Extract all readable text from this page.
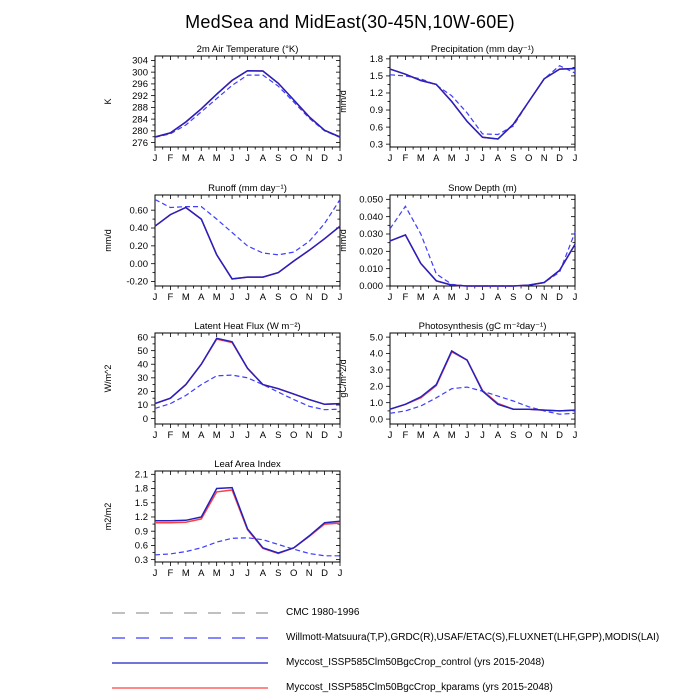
MedSea and MidEast(30-45N,10W-60E)
J F M A M J J A S O N D J
276
280
284
288
292
296
300
304
2m Air Temperature (°K)
K
J F M A M J J A S O N D J
0.3
0.6
0.9
1.2
1.5
1.8
Precipitation (mm day⁻¹)
mm/d
J F M A M J J A S O N D J
-0.20
0.00
0.20
0.40
0.60
Runoff (mm day⁻¹)
mm/d
J F M A M J J A S O N D J
0.000
0.010
0.020
0.030
0.040
0.050
Snow Depth (m)
mm/d
J F M A M J J A S O N D J
0
10
20
30
40
50
60
Latent Heat Flux (W m⁻²)
W/m^2
J F M A M J J A S O N D J
0.0
1.0
2.0
3.0
4.0
5.0
Photosynthesis (gC m⁻²day⁻¹)
gC/m^2/d
J F M A M J J A S O N D J
0.3
0.6
0.9
1.2
1.5
1.8
2.1
Leaf Area Index
m2/m2
CMC 1980-1996
Willmott-Matsuura(T,P),GRDC(R),USAF/ETAC(S),FLUXNET(LHF,GPP),MODIS(LAI)
Myccost_ISSP585Clm50BgcCrop_control (yrs 2015-2048)
Myccost_ISSP585Clm50BgcCrop_kparams (yrs 2015-2048)
